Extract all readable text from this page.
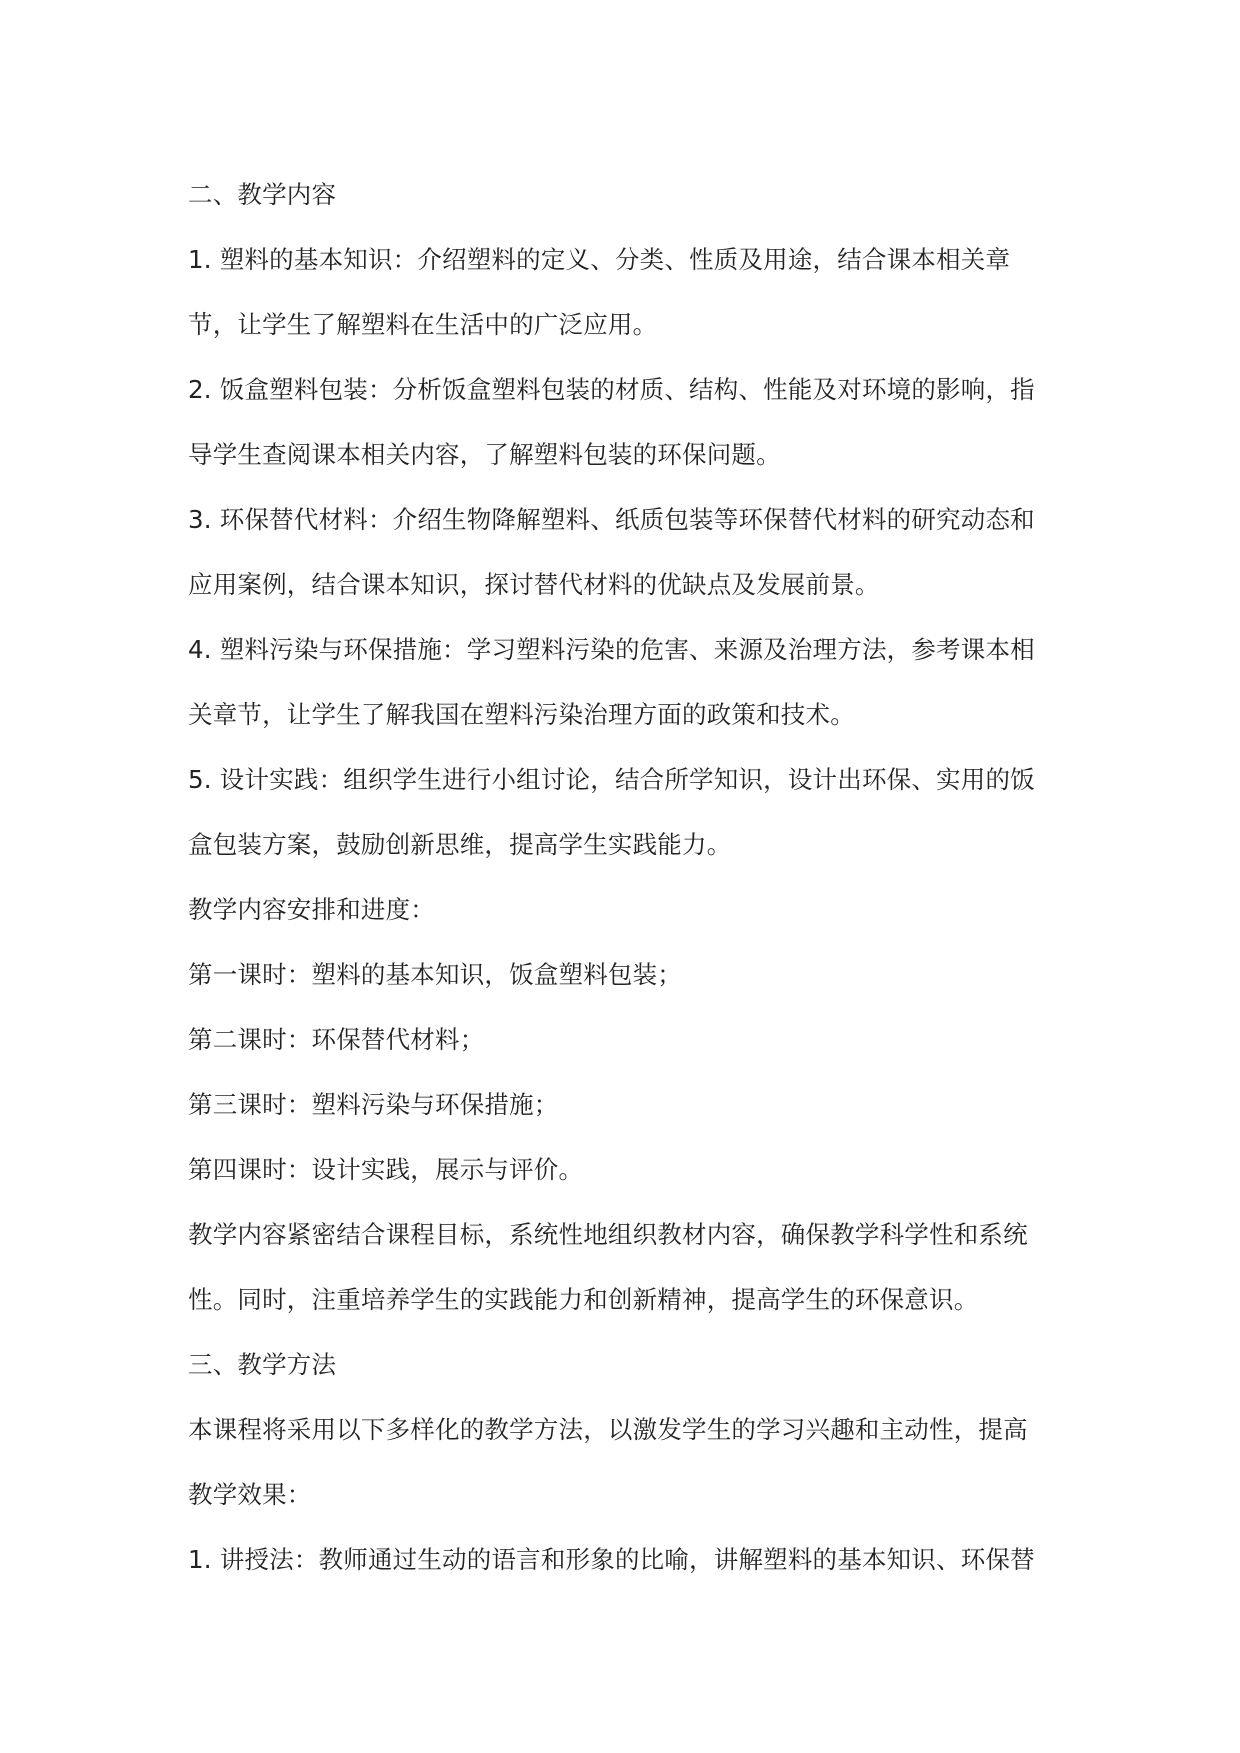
二、教学内容
1. 塑料的基本知识：介绍塑料的定义、分类、性质及用途，结合课本相关章
节，让学生了解塑料在生活中的广泛应用。
2. 饭盒塑料包装：分析饭盒塑料包装的材质、结构、性能及对环境的影响，指
导学生查阅课本相关内容，了解塑料包装的环保问题。
3. 环保替代材料：介绍生物降解塑料、纸质包装等环保替代材料的研究动态和
应用案例，结合课本知识，探讨替代材料的优缺点及发展前景。
4. 塑料污染与环保措施：学习塑料污染的危害、来源及治理方法，参考课本相
关章节，让学生了解我国在塑料污染治理方面的政策和技术。
5. 设计实践：组织学生进行小组讨论，结合所学知识，设计出环保、实用的饭
盒包装方案，鼓励创新思维，提高学生实践能力。
教学内容安排和进度：
第一课时：塑料的基本知识，饭盒塑料包装；
第二课时：环保替代材料；
第三课时：塑料污染与环保措施；
第四课时：设计实践，展示与评价。
教学内容紧密结合课程目标，系统性地组织教材内容，确保教学科学性和系统
性。同时，注重培养学生的实践能力和创新精神，提高学生的环保意识。
三、教学方法
本课程将采用以下多样化的教学方法，以激发学生的学习兴趣和主动性，提高
教学效果：
1. 讲授法：教师通过生动的语言和形象的比喻，讲解塑料的基本知识、环保替
